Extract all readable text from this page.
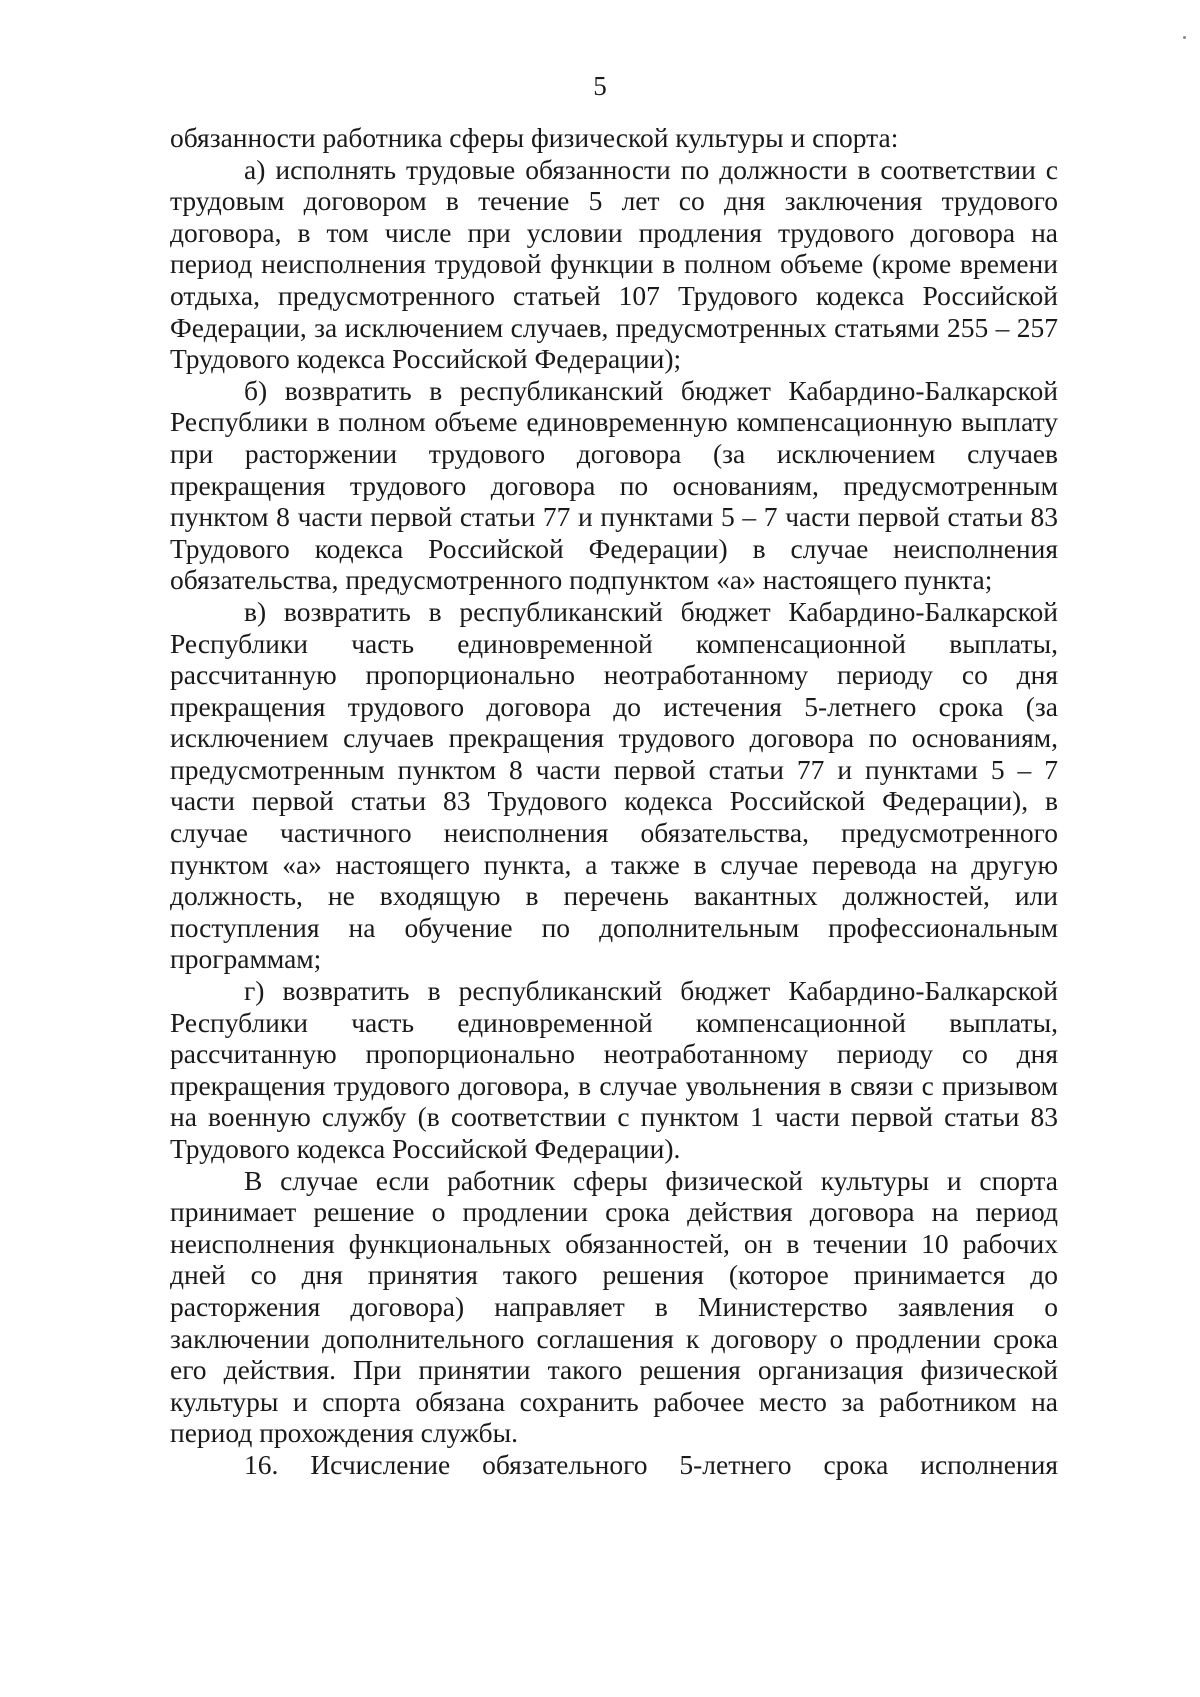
5

обязанности работника сферы физической культуры и спорта:

а) исполнять трудовые обязанности по должности в соответствии с трудовым договором в течение 5 лет со дня заключения трудового договора, в том числе при условии продления трудового договора на период неисполнения трудовой функции в полном объеме (кроме времени отдыха, предусмотренного статьей 107 Трудового кодекса Российской Федерации, за исключением случаев, предусмотренных статьями 255 – 257 Трудового кодекса Российской Федерации);

б) возвратить в республиканский бюджет Кабардино-Балкарской Республики в полном объеме единовременную компенсационную выплату при расторжении трудового договора (за исключением случаев прекращения трудового договора по основаниям, предусмотренным пунктом 8 части первой статьи 77 и пунктами 5 – 7 части первой статьи 83 Трудового кодекса Российской Федерации) в случае неисполнения обязательства, предусмотренного подпунктом «а» настоящего пункта;

в) возвратить в республиканский бюджет Кабардино-Балкарской Республики часть единовременной компенсационной выплаты, рассчитанную пропорционально неотработанному периоду со дня прекращения трудового договора до истечения 5-летнего срока (за исключением случаев прекращения трудового договора по основаниям, предусмотренным пунктом 8 части первой статьи 77 и пунктами 5 – 7 части первой статьи 83 Трудового кодекса Российской Федерации), в случае частичного неисполнения обязательства, предусмотренного пунктом «а» настоящего пункта, а также в случае перевода на другую должность, не входящую в перечень вакантных должностей, или поступления на обучение по дополнительным профессиональным программам;

г) возвратить в республиканский бюджет Кабардино-Балкарской Республики часть единовременной компенсационной выплаты, рассчитанную пропорционально неотработанному периоду со дня прекращения трудового договора, в случае увольнения в связи с призывом на военную службу (в соответствии с пунктом 1 части первой статьи 83 Трудового кодекса Российской Федерации).

В случае если работник сферы физической культуры и спорта принимает решение о продлении срока действия договора на период неисполнения функциональных обязанностей, он в течении 10 рабочих дней со дня принятия такого решения (которое принимается до расторжения договора) направляет в Министерство заявления о заключении дополнительного соглашения к договору о продлении срока его действия. При принятии такого решения организация физической культуры и спорта обязана сохранить рабочее место за работником на период прохождения службы.

16. Исчисление обязательного 5-летнего срока исполнения
